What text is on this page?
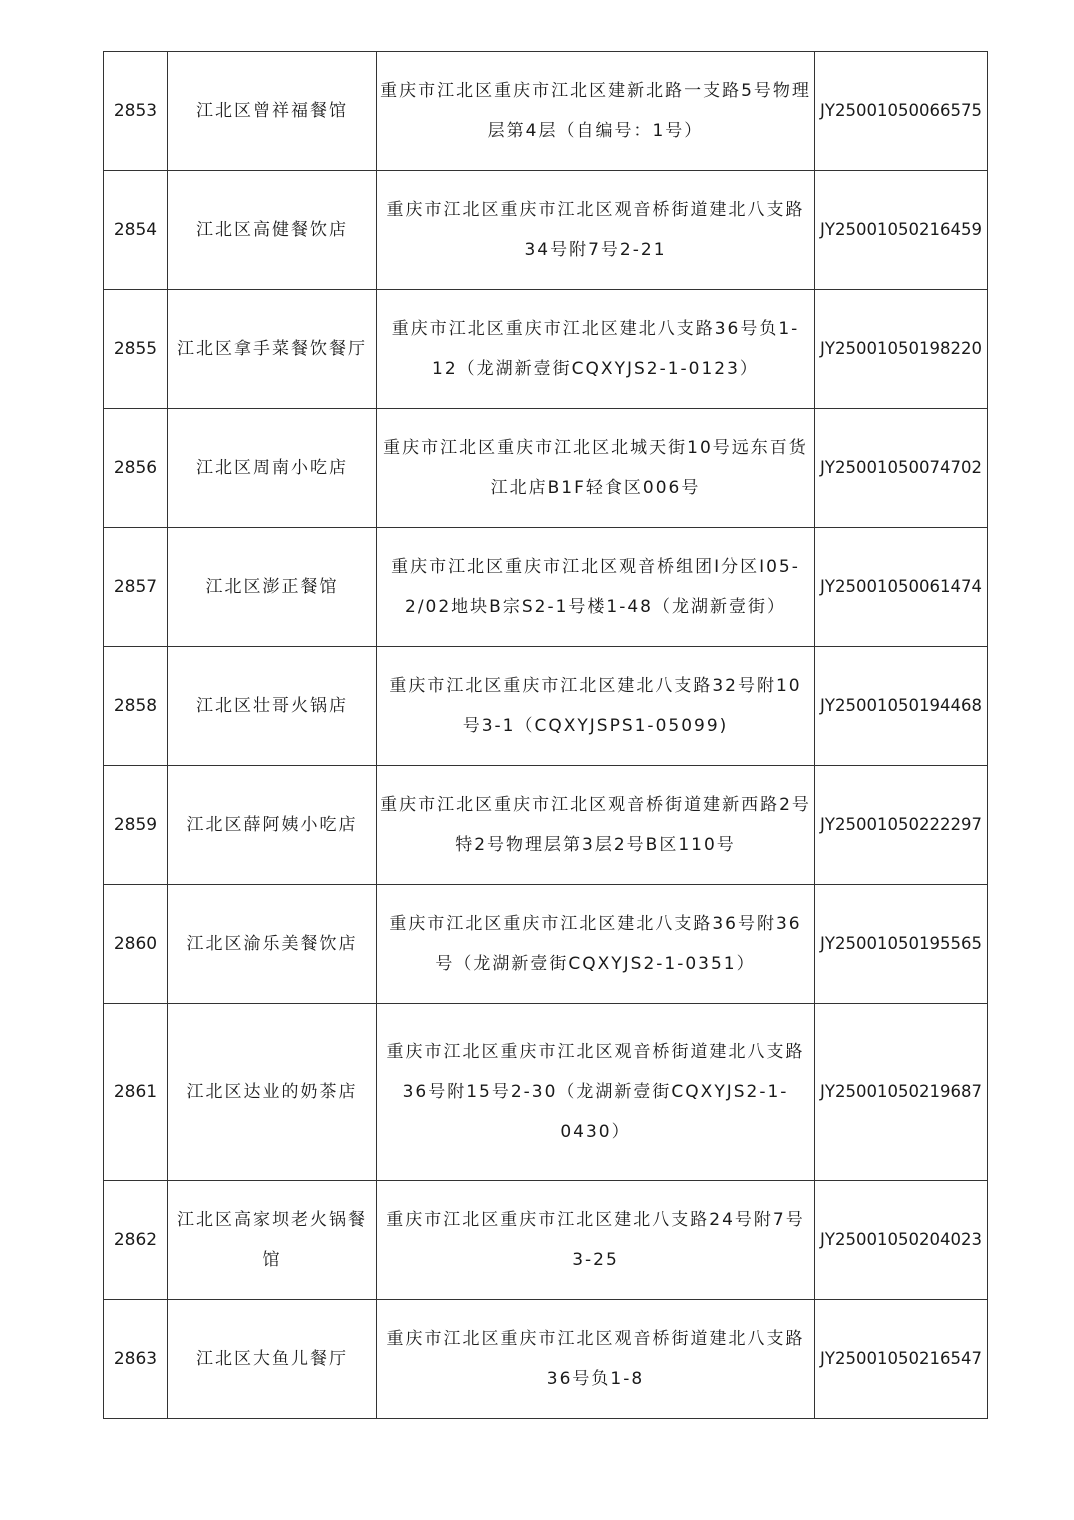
2853	江北区曾祥福餐馆	重庆市江北区重庆市江北区建新北路一支路5号物理层第4层（自编号：1号）	JY25001050066575
2854	江北区高健餐饮店	重庆市江北区重庆市江北区观音桥街道建北八支路34号附7号2-21	JY25001050216459
2855	江北区拿手菜餐饮餐厅	重庆市江北区重庆市江北区建北八支路36号负1-12（龙湖新壹街CQXYJS2-1-0123）	JY25001050198220
2856	江北区周南小吃店	重庆市江北区重庆市江北区北城天街10号远东百货江北店B1F轻食区006号	JY25001050074702
2857	江北区澎正餐馆	重庆市江北区重庆市江北区观音桥组团I分区I05-2/02地块B宗S2-1号楼1-48（龙湖新壹街）	JY25001050061474
2858	江北区壮哥火锅店	重庆市江北区重庆市江北区建北八支路32号附10号3-1（CQXYJSPS1-05099)	JY25001050194468
2859	江北区薛阿姨小吃店	重庆市江北区重庆市江北区观音桥街道建新西路2号特2号物理层第3层2号B区110号	JY25001050222297
2860	江北区渝乐美餐饮店	重庆市江北区重庆市江北区建北八支路36号附36号（龙湖新壹街CQXYJS2-1-0351）	JY25001050195565
2861	江北区达业的奶茶店	重庆市江北区重庆市江北区观音桥街道建北八支路36号附15号2-30（龙湖新壹街CQXYJS2-1-0430）	JY25001050219687
2862	江北区高家坝老火锅餐馆	重庆市江北区重庆市江北区建北八支路24号附7号3-25	JY25001050204023
2863	江北区大鱼儿餐厅	重庆市江北区重庆市江北区观音桥街道建北八支路36号负1-8	JY25001050216547
